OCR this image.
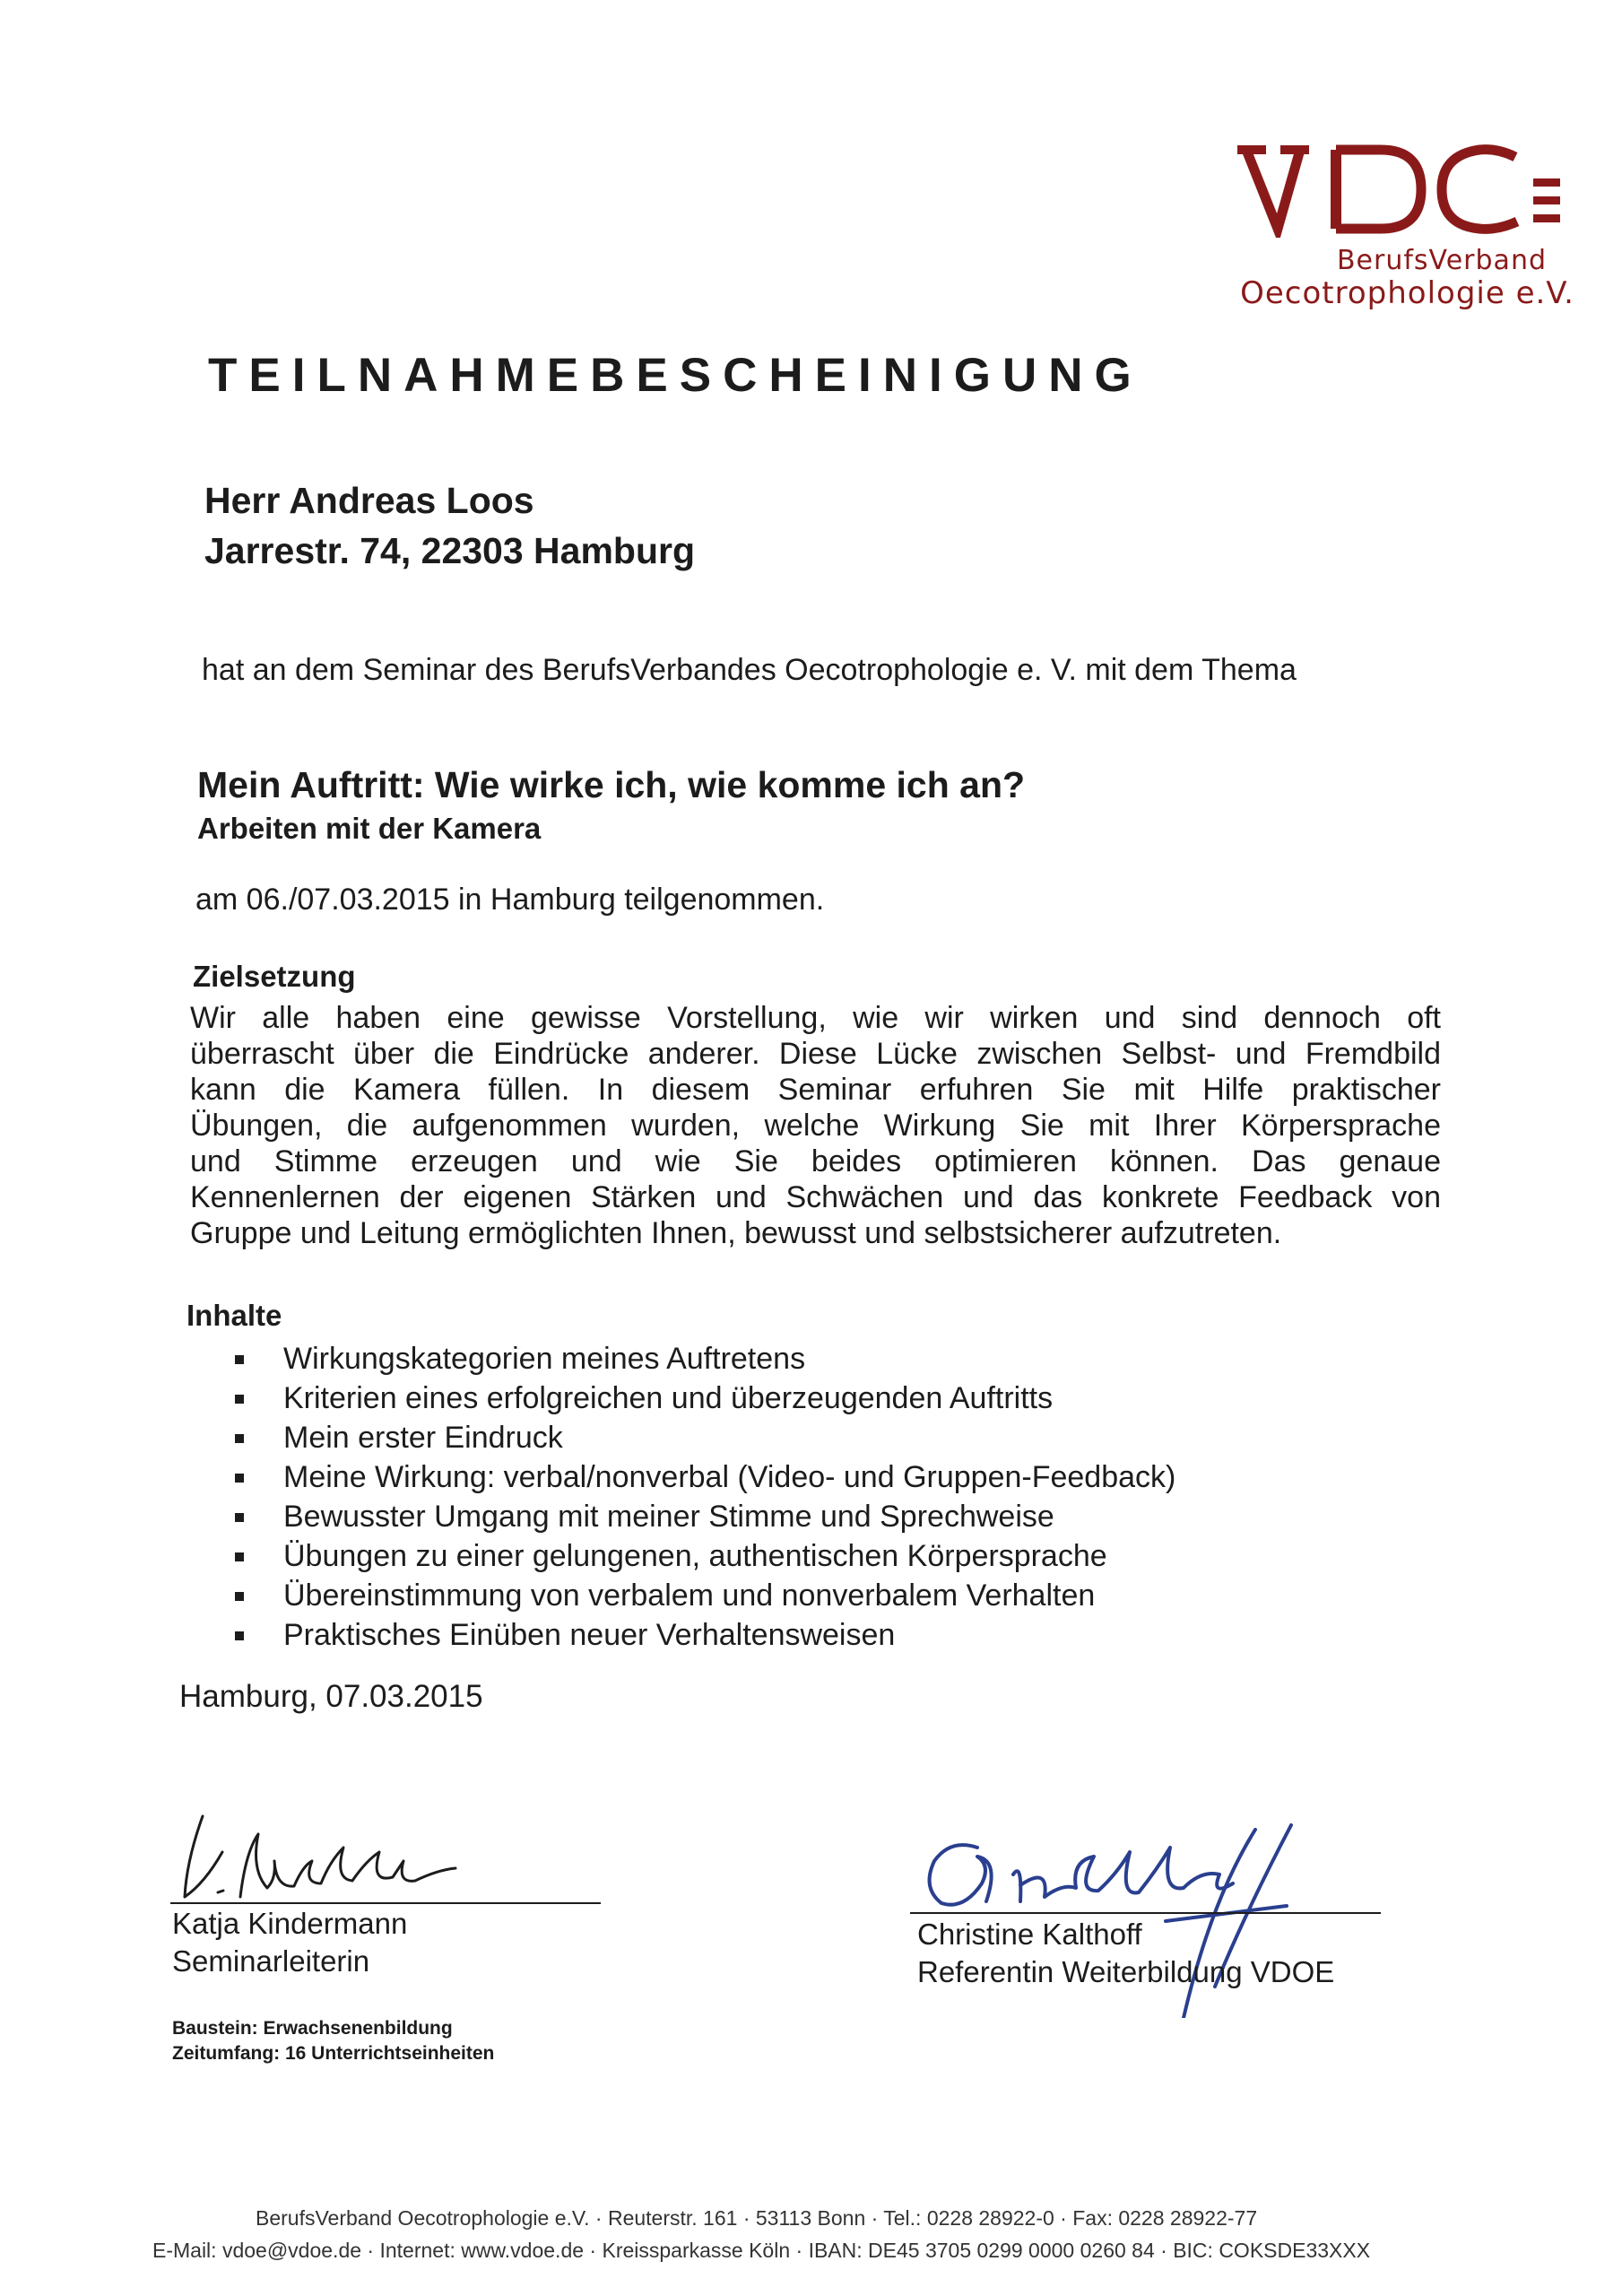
BerufsVerband
Oecotrophologie e.V.
TEILNAHMEBESCHEINIGUNG
Herr Andreas Loos
Jarrestr. 74, 22303 Hamburg
hat an dem Seminar des BerufsVerbandes Oecotrophologie e. V. mit dem Thema
Mein Auftritt: Wie wirke ich, wie komme ich an?
Arbeiten mit der Kamera
am 06./07.03.2015 in Hamburg teilgenommen.
Zielsetzung
Wir alle haben eine gewisse Vorstellung, wie wir wirken und sind dennoch oft
überrascht über die Eindrücke anderer. Diese Lücke zwischen Selbst- und Fremdbild
kann die Kamera füllen. In diesem Seminar erfuhren Sie mit Hilfe praktischer
Übungen, die aufgenommen wurden, welche Wirkung Sie mit Ihrer Körpersprache
und Stimme erzeugen und wie Sie beides optimieren können. Das genaue
Kennenlernen der eigenen Stärken und Schwächen und das konkrete Feedback von
Gruppe und Leitung ermöglichten Ihnen, bewusst und selbstsicherer aufzutreten.
Inhalte
Wirkungskategorien meines Auftretens
Kriterien eines erfolgreichen und überzeugenden Auftritts
Mein erster Eindruck
Meine Wirkung: verbal/nonverbal (Video- und Gruppen-Feedback)
Bewusster Umgang mit meiner Stimme und Sprechweise
Übungen zu einer gelungenen, authentischen Körpersprache
Übereinstimmung von verbalem und nonverbalem Verhalten
Praktisches Einüben neuer Verhaltensweisen
Hamburg, 07.03.2015
Katja Kindermann
Seminarleiterin
Christine Kalthoff
Referentin Weiterbildung VDOE
Baustein: Erwachsenenbildung
Zeitumfang: 16 Unterrichtseinheiten
BerufsVerband Oecotrophologie e.V. · Reuterstr. 161 · 53113 Bonn · Tel.: 0228 28922-0 · Fax: 0228 28922-77
E-Mail: vdoe@vdoe.de · Internet: www.vdoe.de · Kreissparkasse Köln · IBAN: DE45 3705 0299 0000 0260 84 · BIC: COKSDE33XXX
